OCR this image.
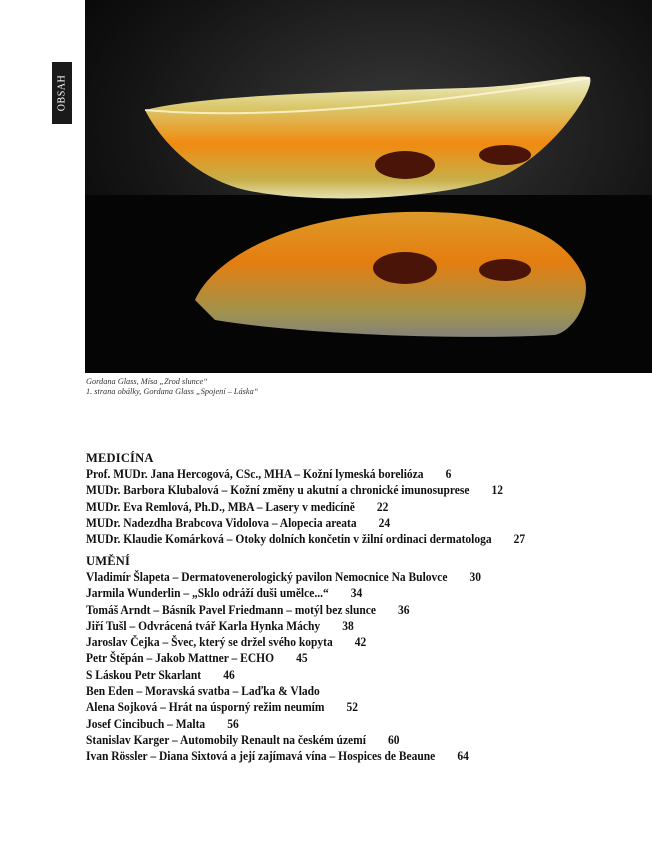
OBSAH
Gordana Glass, Mísa „Zrod slunce“
1. strana obálky, Gordana Glass „Spojení – Láska“
MEDICÍNA
Prof. MUDr. Jana Hercogová, CSc., MHA – Kožní lymeská borelióza 6
MUDr. Barbora Klubalová – Kožní změny u akutní a chronické imunosuprese 12
MUDr. Eva Remlová, Ph.D., MBA – Lasery v medicíně 22
MUDr. Nadezdha Brabcova Vidolova – Alopecia areata 24
MUDr. Klaudie Komárková – Otoky dolních končetin v žilní ordinaci dermatologa 27
UMĚNÍ
Vladimír Šlapeta – Dermatovenerologický pavilon Nemocnice Na Bulovce 30
Jarmila Wunderlin – „Sklo odráží duši umělce...“ 34
Tomáš Arndt – Básník Pavel Friedmann – motýl bez slunce 36
Jiří Tušl – Odvrácená tvář Karla Hynka Máchy 38
Jaroslav Čejka – Švec, který se držel svého kopyta 42
Petr Štěpán – Jakob Mattner – ECHO 45
S Láskou Petr Skarlant 46
Ben Eden – Moravská svatba – Laďka & Vlado
Alena Sojková – Hrát na úsporný režim neumím 52
Josef Cincibuch – Malta 56
Stanislav Karger – Automobily Renault na českém území 60
Ivan Rössler – Diana Sixtová a její zajímavá vína – Hospices de Beaune 64
